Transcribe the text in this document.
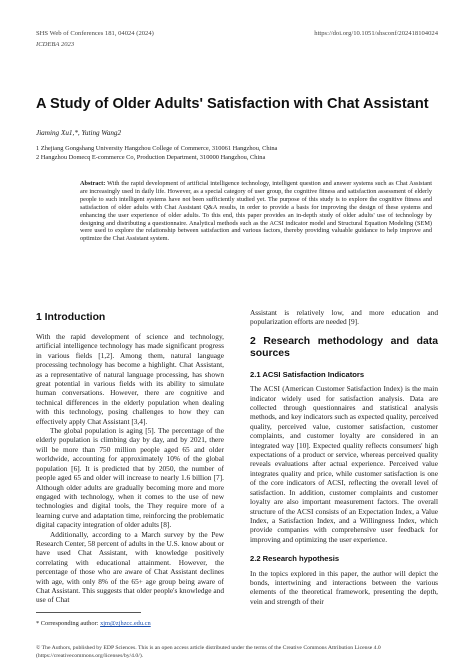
SHS Web of Conferences 181, 04024 (2024)
ICDEBA 2023
https://doi.org/10.1051/shsconf/202418104024
A Study of Older Adults' Satisfaction with Chat Assistant
Jiaming Xu1,*, Yuting Wang2
1 Zhejiang Gongshang University Hangzhou College of Commerce, 310061 Hangzhou, China
2 Hangzhou Domecq E-commerce Co, Production Department, 310000 Hangzhou, China
Abstract: With the rapid development of artificial intelligence technology, intelligent question and answer systems such as Chat Assistant are increasingly used in daily life. However, as a special category of user group, the cognitive fitness and satisfaction assessment of elderly people to such intelligent systems have not been sufficiently studied yet. The purpose of this study is to explore the cognitive fitness and satisfaction of older adults with Chat Assistant Q&A results, in order to provide a basis for improving the design of these systems and enhancing the user experience of older adults. To this end, this paper provides an in-depth study of older adults' use of technology by designing and distributing a questionnaire. Analytical methods such as the ACSI indicator model and Structural Equation Modeling (SEM) were used to explore the relationship between satisfaction and various factors, thereby providing valuable guidance to help improve and optimize the Chat Assistant system.
1 Introduction

With the rapid development of science and technology, artificial intelligence technology has made significant progress in various fields [1,2]. Among them, natural language processing technology has become a highlight. Chat Assistant, as a representative of natural language processing, has shown great potential in various fields with its ability to simulate human conversations. However, there are cognitive and technical differences in the elderly population when dealing with this technology, posing challenges to how they can effectively apply Chat Assistant [3,4].

The global population is aging [5]. The percentage of the elderly population is climbing day by day, and by 2021, there will be more than 750 million people aged 65 and older worldwide, accounting for approximately 10% of the global population [6]. It is predicted that by 2050, the number of people aged 65 and older will increase to nearly 1.6 billion [7]. Although older adults are gradually becoming more and more engaged with technology, when it comes to the use of new technologies and digital tools, the They require more of a learning curve and adaptation time, reinforcing the problematic digital capacity integration of older adults [8].

Additionally, according to a March survey by the Pew Research Center, 58 percent of adults in the U.S. know about or have used Chat Assistant, with knowledge positively correlating with educational attainment. However, the percentage of those who are aware of Chat Assistant declines with age, with only 8% of the 65+ age group being aware of Chat Assistant. This suggests that older people's knowledge and use of Chat

Assistant is relatively low, and more education and popularization efforts are needed [9].

2 Research methodology and data sources
2.1 ACSI Satisfaction Indicators

The ACSI (American Customer Satisfaction Index) is the main indicator widely used for satisfaction analysis. Data are collected through questionnaires and statistical analysis methods, and key indicators such as expected quality, perceived quality, perceived value, customer satisfaction, customer complaints, and customer loyalty are considered in an integrated way [10]. Expected quality reflects consumers' high expectations of a product or service, whereas perceived quality reveals evaluations after actual experience. Perceived value integrates quality and price, while customer satisfaction is one of the core indicators of ACSI, reflecting the overall level of satisfaction. In addition, customer complaints and customer loyalty are also important measurement factors. The overall structure of the ACSI consists of an Expectation Index, a Value Index, a Satisfaction Index, and a Willingness Index, which provide companies with comprehensive user feedback for improving and optimizing the user experience.

2.2 Research hypothesis

In the topics explored in this paper, the author will depict the bonds, intertwining and interactions between the various elements of the theoretical framework, presenting the depth, vein and strength of their

* Corresponding author: xjm@zjhzcc.edu.cn
© The Authors, published by EDP Sciences. This is an open access article distributed under the terms of the Creative Commons Attribution License 4.0 (https://creativecommons.org/licenses/by/4.0/).
